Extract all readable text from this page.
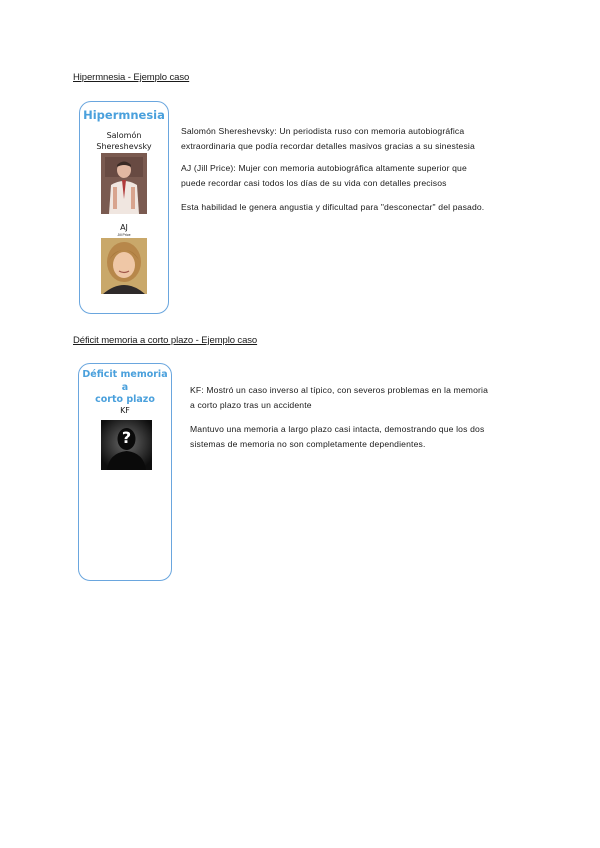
Hipermnesia - Ejemplo caso
Hipermnesia
Salomón
Shereshevsky
AJ
Jill Price
Salomón Shereshevsky: Un periodista ruso con memoria autobiográfica
extraordinaria que podía recordar detalles masivos gracias a su sinestesia
AJ (Jill Price): Mujer con memoria autobiográfica altamente superior que
puede recordar casi todos los días de su vida con detalles precisos
Esta habilidad le genera angustia y dificultad para "desconectar" del pasado.
Déficit memoria a corto plazo - Ejemplo caso
Déficit memoria a
corto plazo
KF
?
KF: Mostró un caso inverso al típico, con severos problemas en la memoria
a corto plazo tras un accidente
Mantuvo una memoria a largo plazo casi intacta, demostrando que los dos
sistemas de memoria no son completamente dependientes.
